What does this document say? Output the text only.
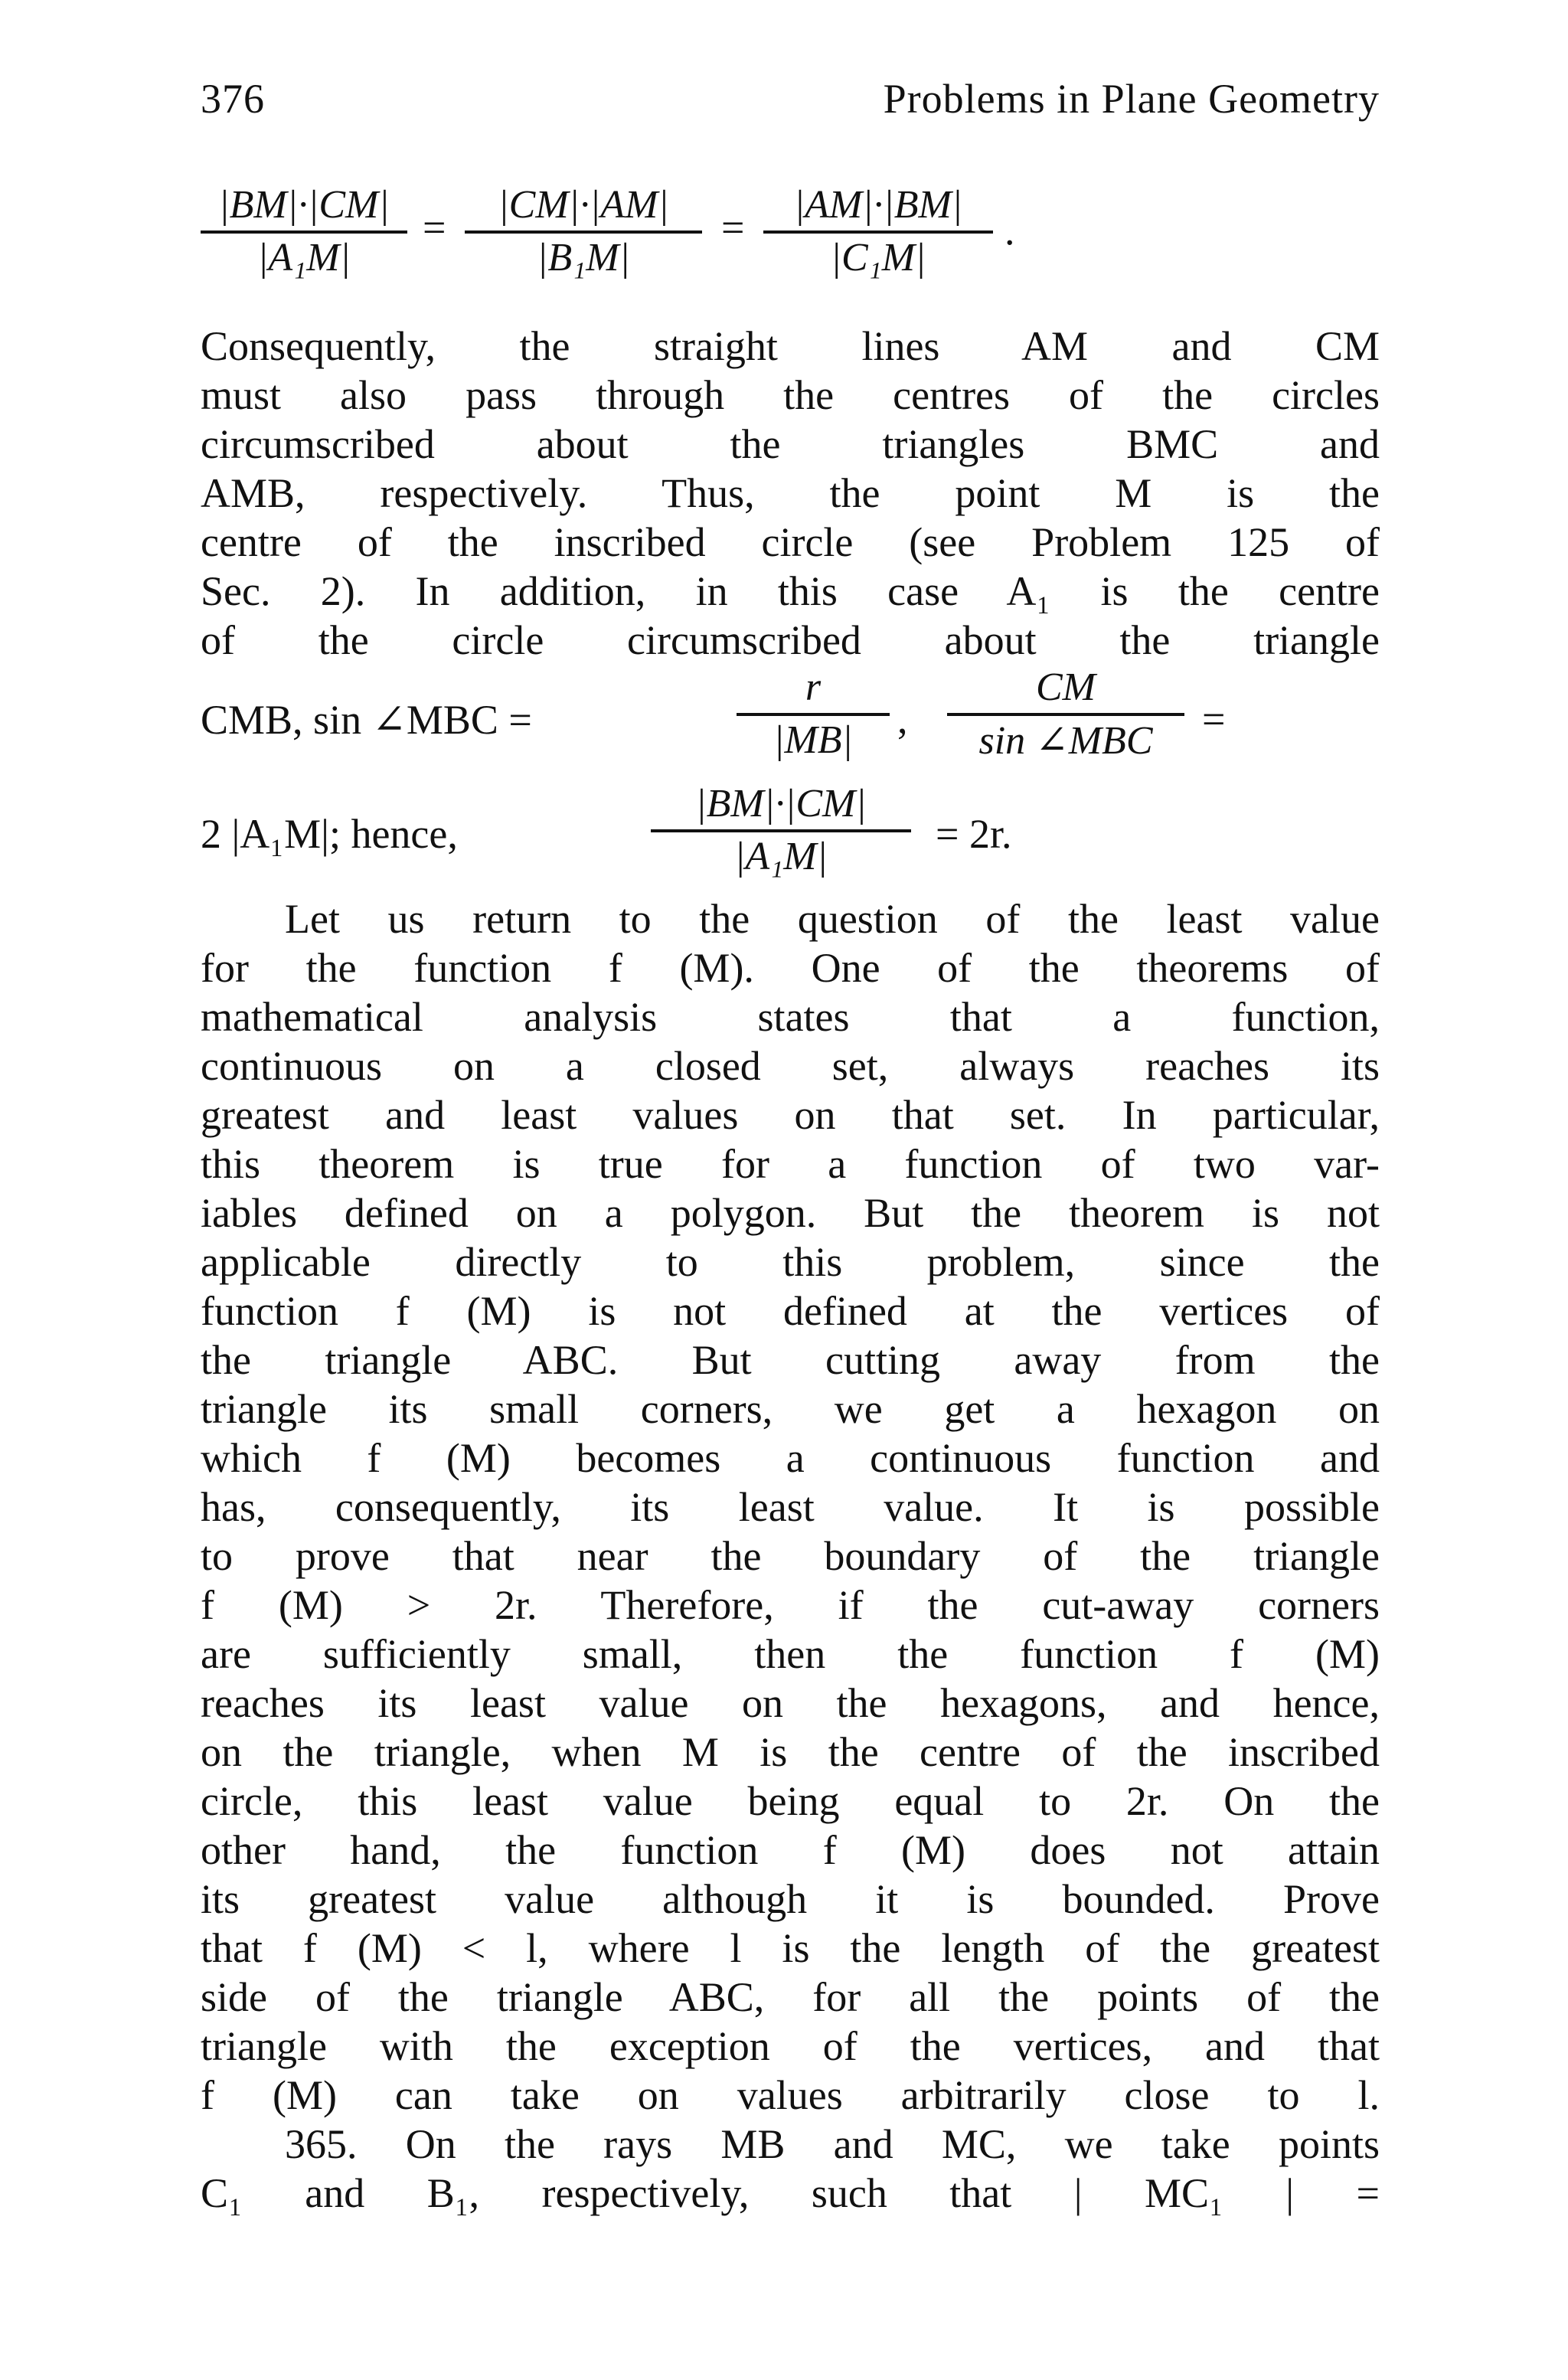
376	Problems in Plane Geometry
$\frac{|BM|\cdot|CM|}{\text{|A₁M|}} = \frac{|CM|\cdot|AM|}{\text{|B₁M|}} = \frac{|AM|\cdot|BM|}{\text{|C₁M|}}$ .
Consequently, the straight lines AM and CM
must also pass through the centres of the circles
circumscribed about the triangles BMC and
AMB, respectively. Thus, the point M is the
centre of the inscribed circle (see Problem 125 of
Sec. 2). In addition, in this case A₁ is the centre
of the circle circumscribed about the triangle
CMB, sin ∠MBC =	$\frac{r}{|MB|}$ ,
CM
sin ∠MBC	=
2 |A₁M|; hence,	$\frac{|BM|\cdot|CM|}{\text{|A₁M|}} = 2r$.
Let us return to the question of the least value
for the function f (M). One of the theorems of
mathematical analysis states that a function,
continuous on a closed set, always reaches its
greatest and least values on that set. In particular,
this theorem is true for a function of two var-
iables defined on a polygon. But the theorem is not
applicable directly to this problem, since the
function f (M) is not defined at the vertices of
the triangle ABC. But cutting away from the
triangle its small corners, we get a hexagon on
which f (M) becomes a continuous function and
has, consequently, its least value. It is possible
to prove that near the boundary of the triangle
f (M) > 2r. Therefore, if the cut-away corners
are sufficiently small, then the function f (M)
reaches its least value on the hexagons, and hence,
on the triangle, when M is the centre of the inscribed
circle, this least value being equal to 2r. On the
other hand, the function f (M) does not attain
its greatest value although it is bounded. Prove
that f (M) < l, where l is the length of the greatest
side of the triangle ABC, for all the points of the
triangle with the exception of the vertices, and that
f (M) can take on values arbitrarily close to l.
365. On the rays MB and MC, we take points
C₁ and B₁, respectively, such that | MC₁ | =
